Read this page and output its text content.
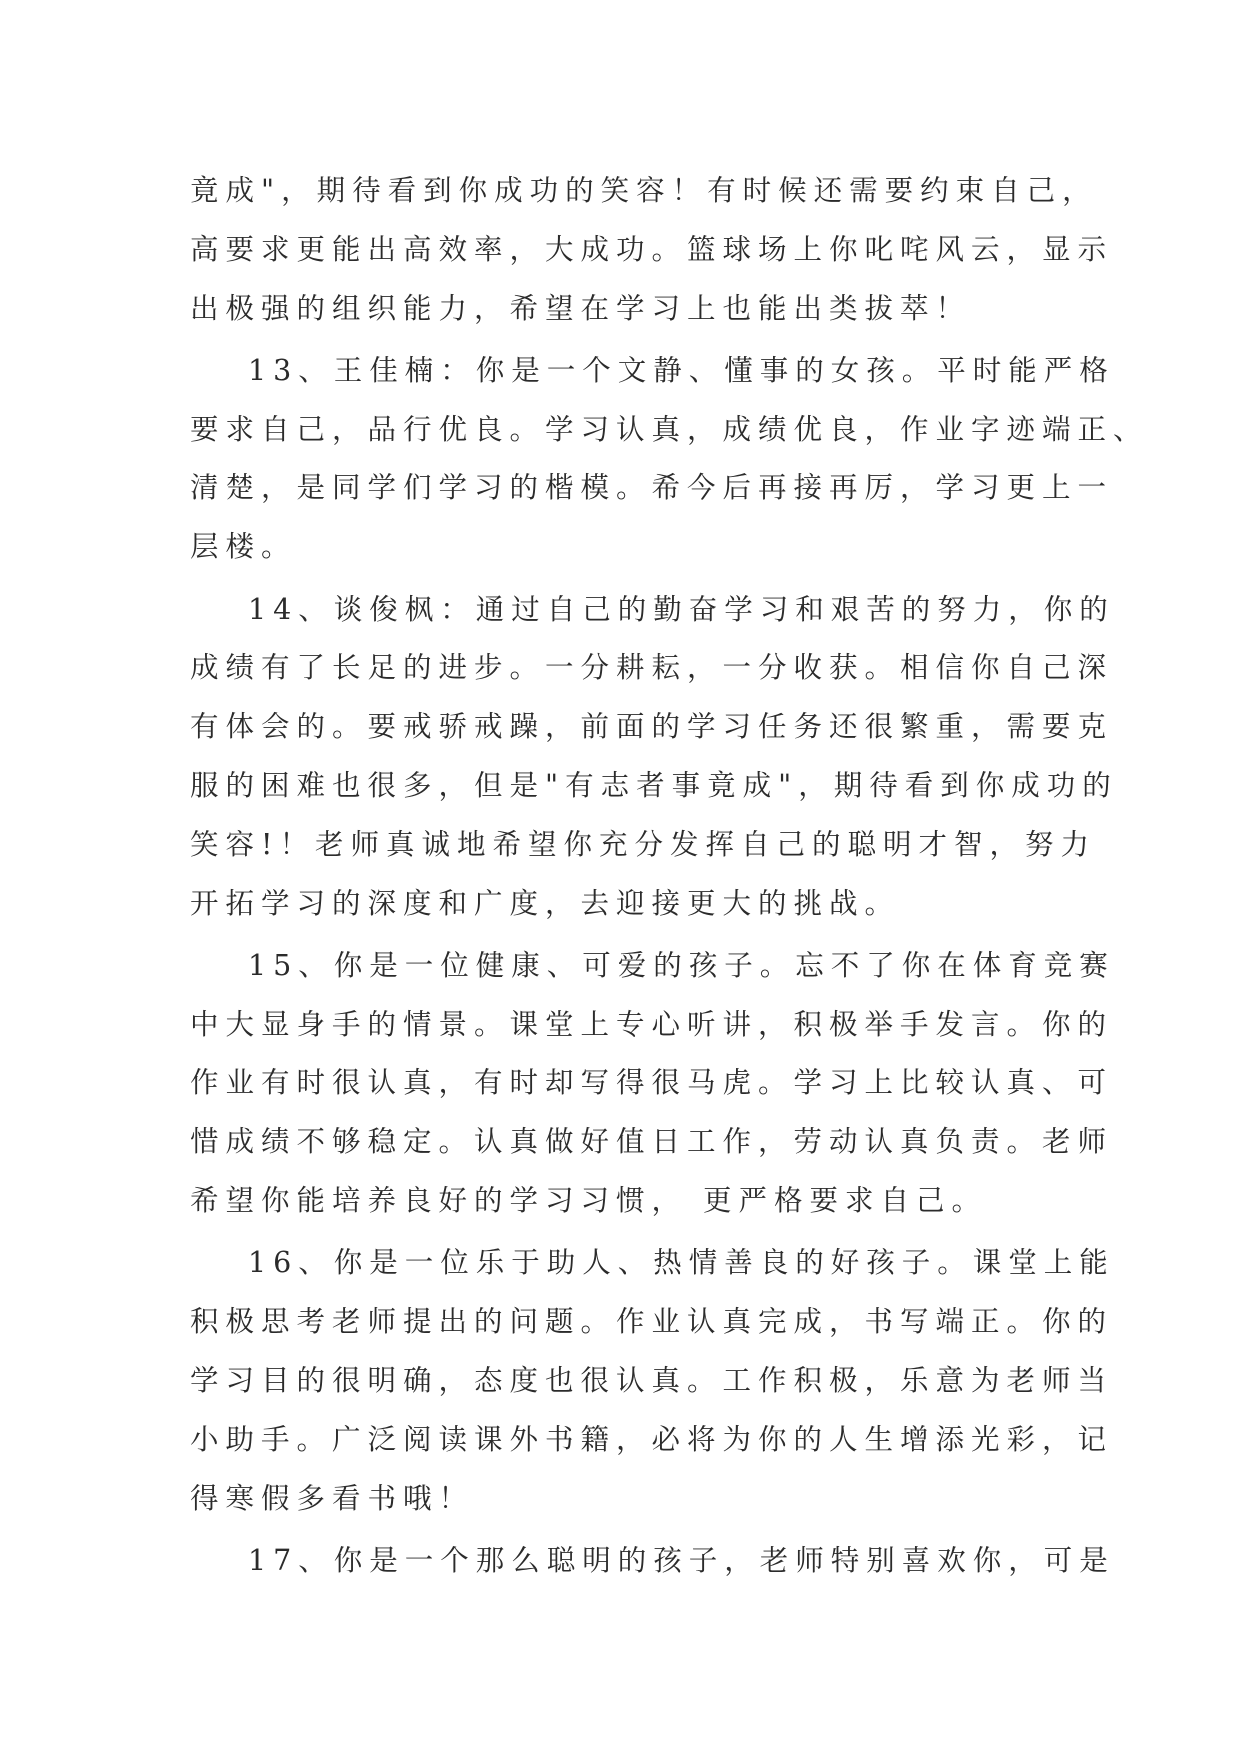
竟成"，期待看到你成功的笑容！有时候还需要约束自己，
高要求更能出高效率，大成功。篮球场上你叱咤风云，显示
出极强的组织能力，希望在学习上也能出类拔萃！
13、王佳楠：你是一个文静、懂事的女孩。平时能严格
要求自己，品行优良。学习认真，成绩优良，作业字迹端正、
清楚，是同学们学习的楷模。希今后再接再厉，学习更上一
层楼。
14、谈俊枫：通过自己的勤奋学习和艰苦的努力，你的
成绩有了长足的进步。一分耕耘，一分收获。相信你自己深
有体会的。要戒骄戒躁，前面的学习任务还很繁重，需要克
服的困难也很多，但是"有志者事竟成"，期待看到你成功的
笑容!！老师真诚地希望你充分发挥自己的聪明才智，努力
开拓学习的深度和广度，去迎接更大的挑战。
15、你是一位健康、可爱的孩子。忘不了你在体育竞赛
中大显身手的情景。课堂上专心听讲，积极举手发言。你的
作业有时很认真，有时却写得很马虎。学习上比较认真、可
惜成绩不够稳定。认真做好值日工作，劳动认真负责。老师
希望你能培养良好的学习习惯， 更严格要求自己。
16、你是一位乐于助人、热情善良的好孩子。课堂上能
积极思考老师提出的问题。作业认真完成，书写端正。你的
学习目的很明确，态度也很认真。工作积极，乐意为老师当
小助手。广泛阅读课外书籍，必将为你的人生增添光彩，记
得寒假多看书哦！
17、你是一个那么聪明的孩子，老师特别喜欢你，可是
